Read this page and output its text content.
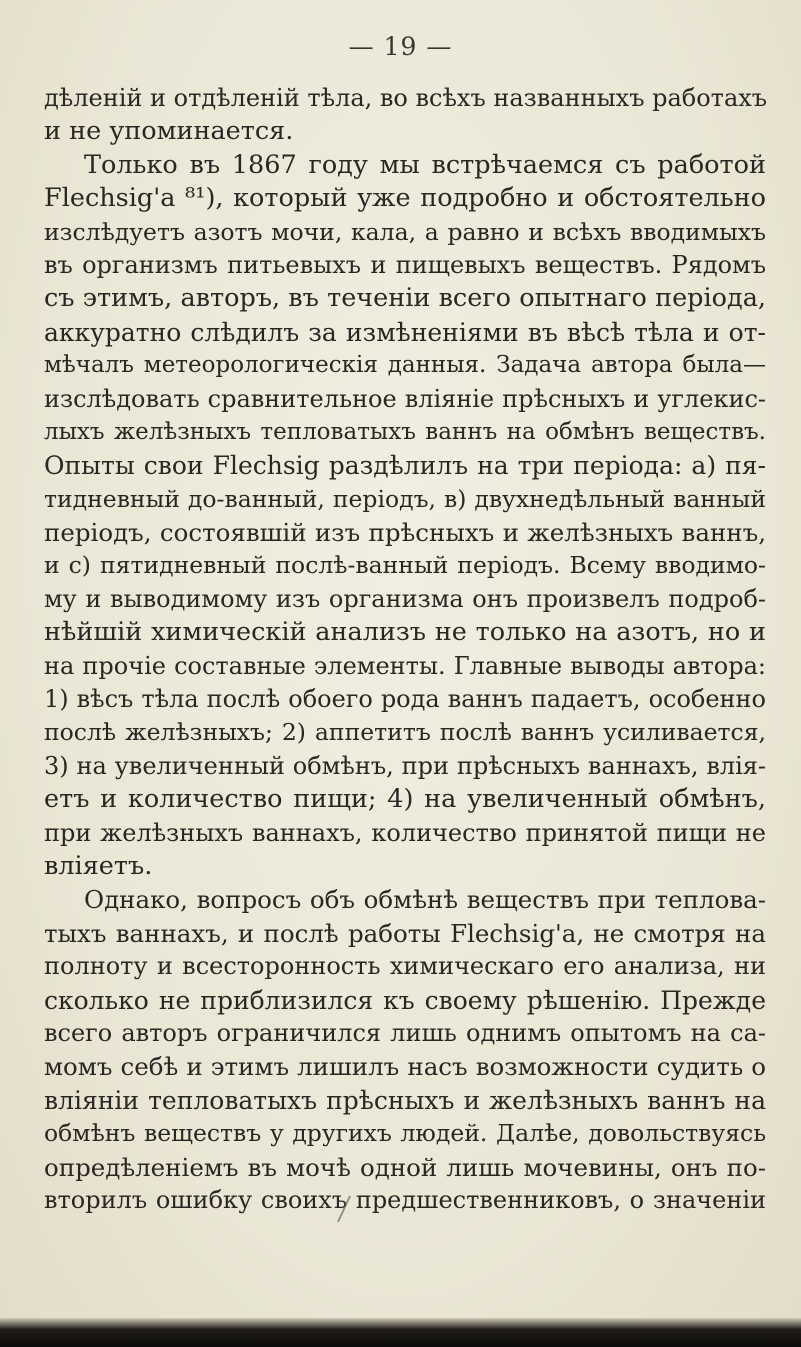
— 19 —
дѣленій и отдѣленій тѣла, во всѣхъ названныхъ работахъ
и не упоминается.
Только въ 1867 году мы встрѣчаемся съ работой
Flechsig'а ⁸¹), который уже подробно и обстоятельно
изслѣдуетъ азотъ мочи, кала, а равно и всѣхъ вводимыхъ
въ организмъ питьевыхъ и пищевыхъ веществъ. Рядомъ
съ этимъ, авторъ, въ теченіи всего опытнаго періода,
аккуратно слѣдилъ за измѣненіями въ вѣсѣ тѣла и от-
мѣчалъ метеорологическія данныя. Задача автора была—
изслѣдовать сравнительное вліяніе прѣсныхъ и углекис-
лыхъ желѣзныхъ тепловатыхъ ваннъ на обмѣнъ веществъ.
Опыты свои Flechsig раздѣлилъ на три періода: а) пя-
тидневный до-ванный, періодъ, в) двухнедѣльный ванный
періодъ, состоявшій изъ прѣсныхъ и желѣзныхъ ваннъ,
и с) пятидневный послѣ-ванный періодъ. Всему вводимо-
му и выводимому изъ организма онъ произвелъ подроб-
нѣйшій химическій анализъ не только на азотъ, но и
на прочіе составные элементы. Главные выводы автора:
1) вѣсъ тѣла послѣ обоего рода ваннъ падаетъ, особенно
послѣ желѣзныхъ; 2) аппетитъ послѣ ваннъ усиливается,
3) на увеличенный обмѣнъ, при прѣсныхъ ваннахъ, влія-
етъ и количество пищи; 4) на увеличенный обмѣнъ,
при желѣзныхъ ваннахъ, количество принятой пищи не
вліяетъ.
Однако, вопросъ объ обмѣнѣ веществъ при теплова-
тыхъ ваннахъ, и послѣ работы Flechsig'а, не смотря на
полноту и всесторонность химическаго его анализа, ни
сколько не приблизился къ своему рѣшенію. Прежде
всего авторъ ограничился лишь однимъ опытомъ на са-
момъ себѣ и этимъ лишилъ насъ возможности судить о
вліяніи тепловатыхъ прѣсныхъ и желѣзныхъ ваннъ на
обмѣнъ веществъ у другихъ людей. Далѣе, довольствуясь
опредѣленіемъ въ мочѣ одной лишь мочевины, онъ по-
вторилъ ошибку своихъ предшественниковъ, о значеніи
